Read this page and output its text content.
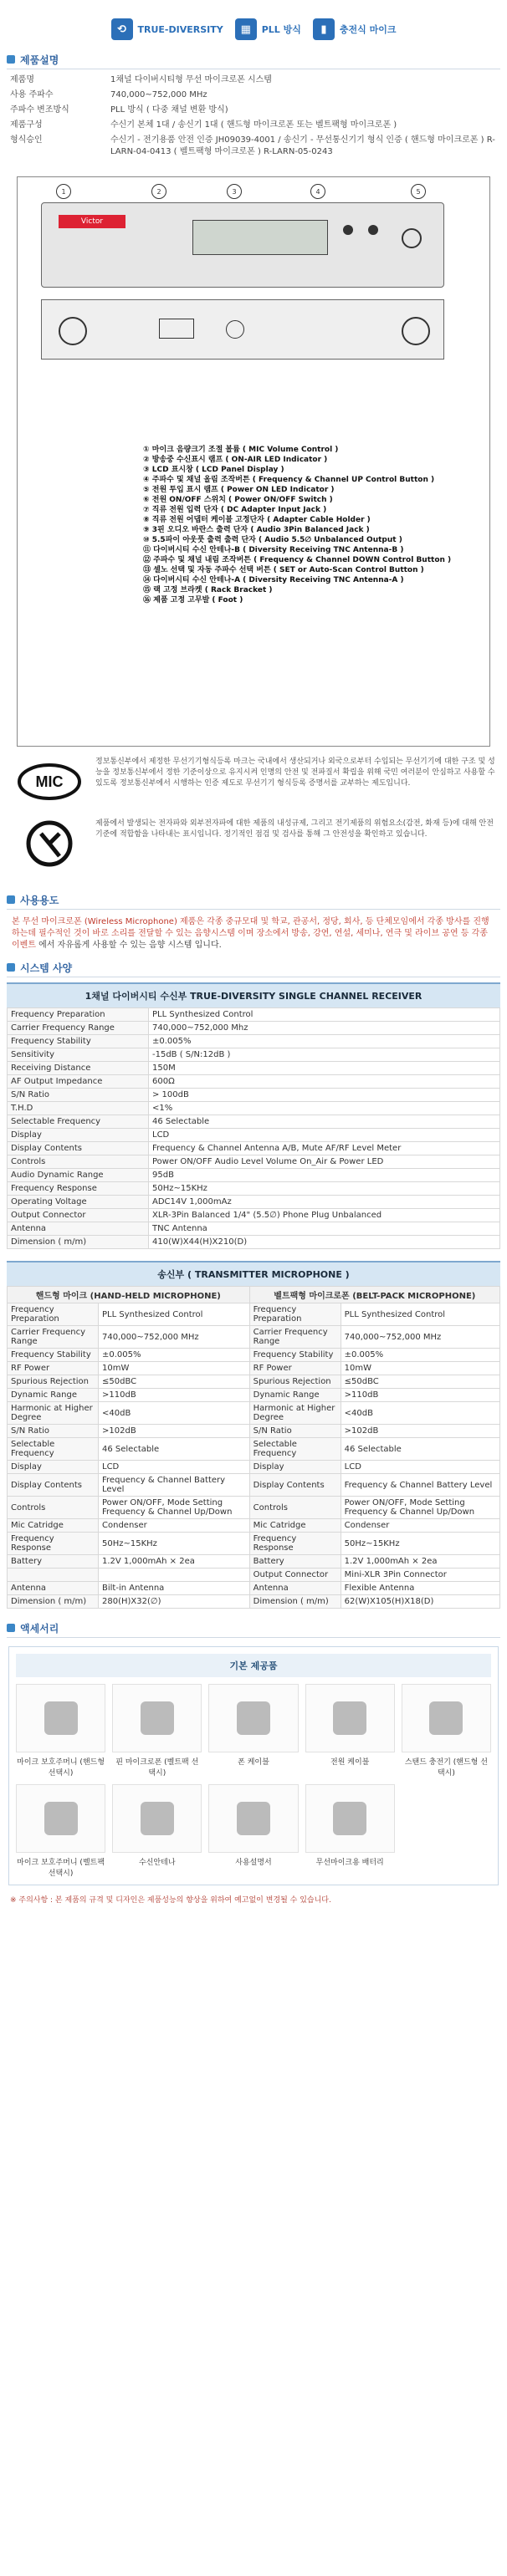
⟲	TRUE-DIVERSITY	▦	PLL 방식	▮	충전식 마이크
제품설명
제품명	1채널 다이버시티형 무선 마이크로폰 시스템
사용 주파수	740,000~752,000 MHz
주파수 변조방식	PLL 방식 ( 다중 채널 변환 방식)
제품구성	수신기 본체 1대 / 송신기 1대 ( 핸드형 마이크로폰 또는 벨트팩형 마이크로폰 )
형식승인	수신기 - 전기용품 안전 인증 JH09039-4001 / 송신기 - 무선통신기기 형식 인증 ( 핸드형 마이크로폰 ) R-LARN-04-0413 ( 벨트팩형 마이크로폰 ) R-LARN-05-0243
Victor
1	2	3	4	5
① 마이크 음량크기 조절 볼륨 ( MIC Volume Control )
② 방송중 수신표시 램프 ( ON-AIR LED Indicator )
③ LCD 표시창 ( LCD Panel Display )
④ 주파수 및 채널 올림 조작버튼 ( Frequency & Channel UP Control Button )
⑤ 전원 투입 표시 램프 ( Power ON LED Indicator )
⑥ 전원 ON/OFF 스위치 ( Power ON/OFF Switch )
⑦ 직류 전원 입력 단자 ( DC Adapter Input Jack )
⑧ 직류 전원 어댑터 케이블 고정단자 ( Adapter Cable Holder )
⑨ 3핀 오디오 바란스 출력 단자 ( Audio 3Pin Balanced Jack )
⑩ 5.5파이 아웃풋 출력 출력 단자 ( Audio 5.5∅ Unbalanced Output )
⑪ 다이버시티 수신 안테나-B ( Diversity Receiving TNC Antenna-B )
⑫ 주파수 및 채널 내림 조작버튼 ( Frequency & Channel DOWN Control Button )
⑬ 셀노 선택 및 자동 주파수 선택 버튼 ( SET or Auto-Scan Control Button )
⑭ 다이버시티 수신 안테나-A ( Diversity Receiving TNC Antenna-A )
⑮ 랙 고정 브라켓 ( Rack Bracket )
⑯ 제품 고정 고무발 ( Foot )
MIC
정보통신부에서 제정한 무선기기형식등록 마크는 국내에서 생산되거나 외국으로부터 수입되는 무선기기에 대한 구조 및 성능을 정보통신부에서 정한 기준이상으로 유지시켜 인명의 안전 및 전파질서 확립을 위해 국민 여러분이 안심하고 사용할 수 있도록 정보통신부에서 시행하는 인증 제도로 무선기기 형식등록 증명서를 교부하는 제도입니다.
제품에서 발생되는 전자파와 외부전자파에 대한 제품의 내성규제, 그리고 전기제품의 위험요소(감전, 화재 등)에 대해 안전 기준에 적합함을 나타내는 표시입니다. 정기적인 점검 및 검사를 통해 그 안전성을 확인하고 있습니다.
사용용도
본 무선 마이크로폰 (Wireless Microphone) 제품은 각종 중규모대 및 학교, 관공서, 정당, 회사, 등 단체모임에서 각종 방사를 진행하는데 필수적인 것이 바로 소리를 전달할 수 있는 음향시스템 이며 장소에서 방송, 강연, 연설, 세미나, 연극 및 라이브 공연 등 각종 이벤트 에서 자유롭게 사용할 수 있는 음향 시스템 입니다.
시스템 사양
1채널 다이버시티 수신부 TRUE-DIVERSITY SINGLE CHANNEL RECEIVER
Frequency Preparation	PLL Synthesized Control
Carrier Frequency Range	740,000~752,000 Mhz
Frequency Stability	±0.005%
Sensitivity	-15dB ( S/N:12dB )
Receiving Distance	150M
AF Output Impedance	600Ω
S/N Ratio	> 100dB
T.H.D	<1%
Selectable Frequency	46 Selectable
Display	LCD
Display Contents	Frequency & Channel Antenna A/B, Mute AF/RF Level Meter
Controls	Power ON/OFF Audio Level Volume On_Air & Power LED
Audio Dynamic Range	95dB
Frequency Response	50Hz~15KHz
Operating Voltage	ADC14V 1,000mAz
Output Connector	XLR-3Pin Balanced 1/4" (5.5∅) Phone Plug Unbalanced
Antenna	TNC Antenna
Dimension ( m/m)	410(W)X44(H)X210(D)
송신부 ( TRANSMITTER MICROPHONE )
핸드형 마이크 (HAND-HELD MICROPHONE)		벨트팩형 마이크로폰 (BELT-PACK MICROPHONE)	
Frequency Preparation	PLL Synthesized Control	Frequency Preparation	PLL Synthesized Control
Carrier Frequency Range	740,000~752,000 MHz	Carrier Frequency Range	740,000~752,000 MHz
Frequency Stability	±0.005%	Frequency Stability	±0.005%
RF Power	10mW	RF Power	10mW
Spurious Rejection	≤50dBC	Spurious Rejection	≤50dBC
Dynamic Range	>110dB	Dynamic Range	>110dB
Harmonic at Higher Degree	<40dB	Harmonic at Higher Degree	<40dB
S/N Ratio	>102dB	S/N Ratio	>102dB
Selectable Frequency	46 Selectable	Selectable Frequency	46 Selectable
Display	LCD	Display	LCD
Display Contents	Frequency & Channel Battery Level	Display Contents	Frequency & Channel Battery Level
Controls	Power ON/OFF, Mode Setting Frequency & Channel Up/Down	Controls	Power ON/OFF, Mode Setting Frequency & Channel Up/Down
Mic Catridge	Condenser	Mic Catridge	Condenser
Frequency Response	50Hz~15KHz	Frequency Response	50Hz~15KHz
Battery	1.2V 1,000mAh × 2ea	Battery	1.2V 1,000mAh × 2ea
		Output Connector	Mini-XLR 3Pin Connector
Antenna	Bilt-in Antenna	Antenna	Flexible Antenna
Dimension ( m/m)	280(H)X32(∅)	Dimension ( m/m)	62(W)X105(H)X18(D)
액세서리
기본 제공품
마이크 보호주머니 (핸드형 선택시)
핀 마이크로폰 (벨트팩 선택시)
폰 케이블	전원 케이블	스탠드 충전기 (핸드형 선택시)
마이크 보호주머니 (벨트팩 선택시)
수신안테나	사용설명서	무선마이크용 배터리
※ 주의사항 : 본 제품의 규격 및 디자인은 제품성능의 향상을 위하여 예고없이 변경될 수 있습니다.
